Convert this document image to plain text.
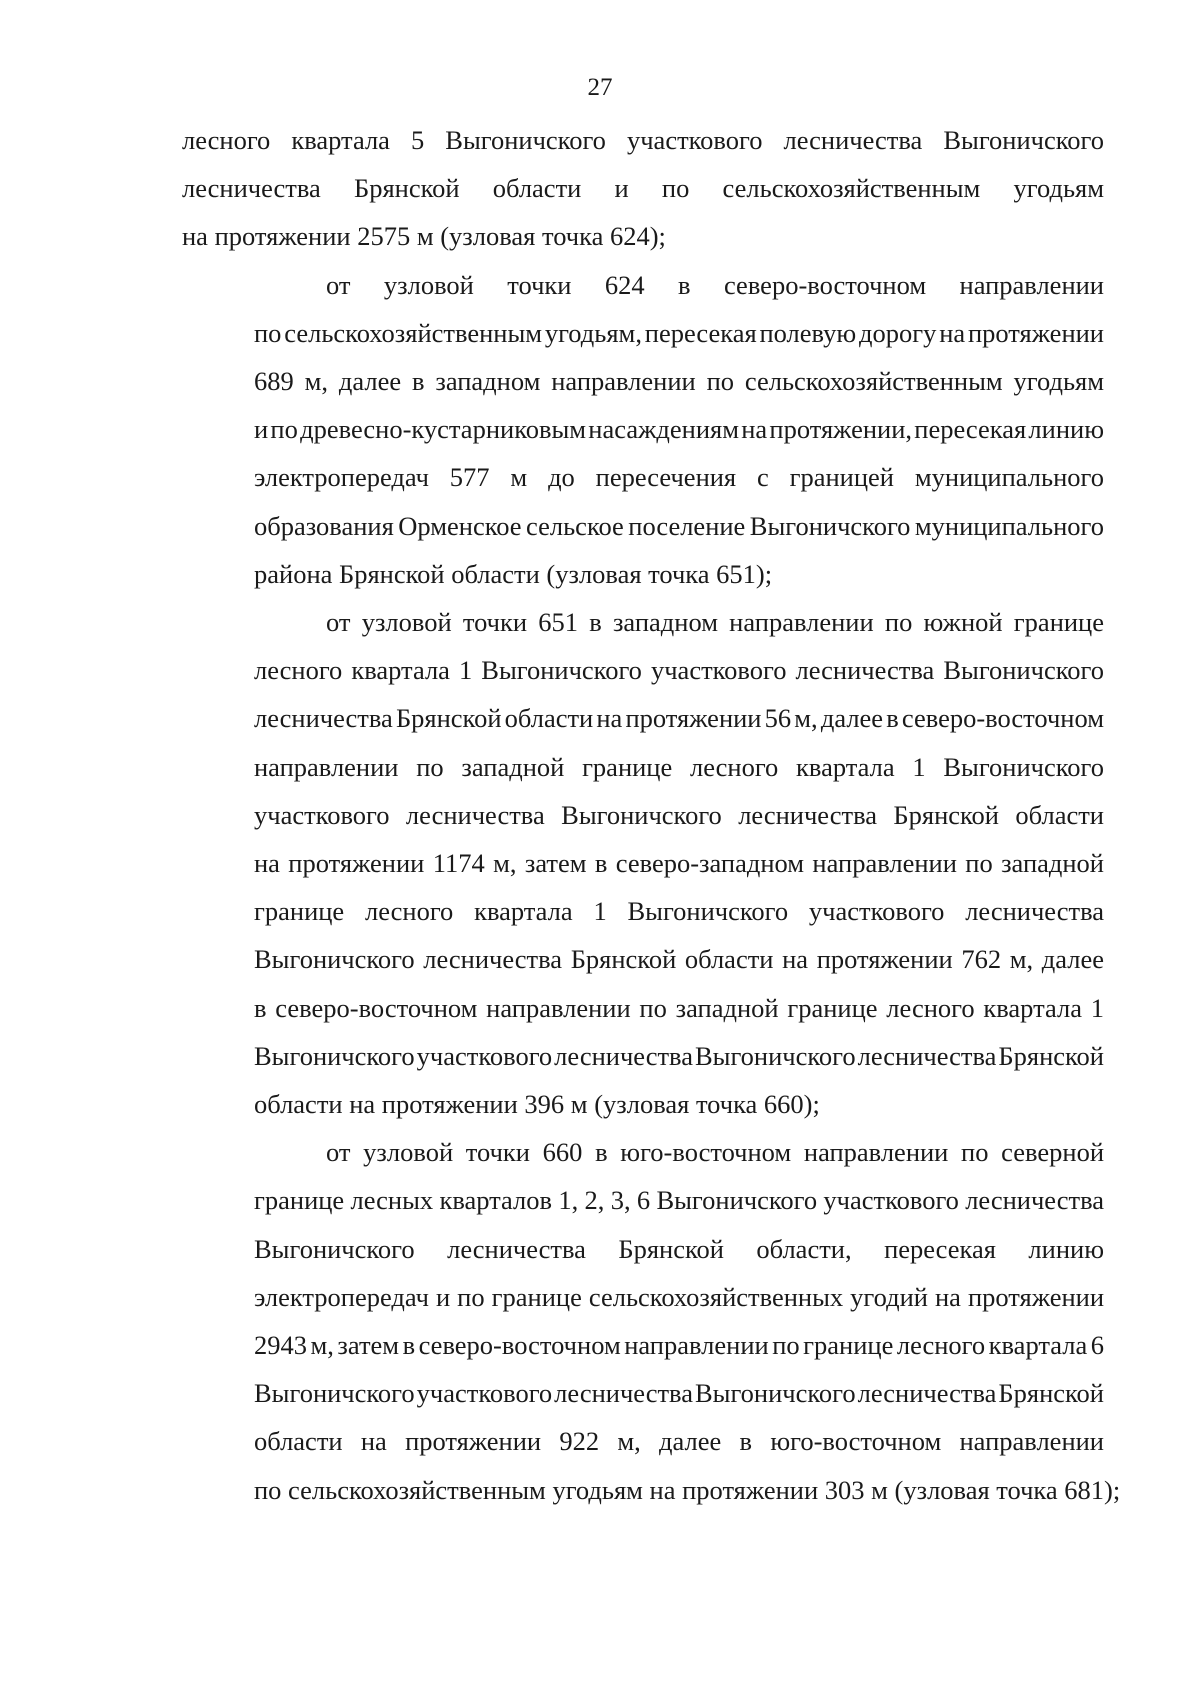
27
лесного квартала 5 Выгоничского участкового лесничества Выгоничского
лесничества Брянской области и по сельскохозяйственным угодьям
на протяжении 2575 м (узловая точка 624);
от узловой точки 624 в северо-восточном направлении
по сельскохозяйственным угодьям, пересекая полевую дорогу на протяжении
689 м, далее в западном направлении по сельскохозяйственным угодьям
и по древесно-кустарниковым насаждениям на протяжении, пересекая линию
электропередач 577 м до пересечения с границей муниципального
образования Орменское сельское поселение Выгоничского муниципального
района Брянской области (узловая точка 651);
от узловой точки 651 в западном направлении по южной границе
лесного квартала 1 Выгоничского участкового лесничества Выгоничского
лесничества Брянской области на протяжении 56 м, далее в северо-восточном
направлении по западной границе лесного квартала 1 Выгоничского
участкового лесничества Выгоничского лесничества Брянской области
на протяжении 1174 м, затем в северо-западном направлении по западной
границе лесного квартала 1 Выгоничского участкового лесничества
Выгоничского лесничества Брянской области на протяжении 762 м, далее
в северо-восточном направлении по западной границе лесного квартала 1
Выгоничского участкового лесничества Выгоничского лесничества Брянской
области на протяжении 396 м (узловая точка 660);
от узловой точки 660 в юго-восточном направлении по северной
границе лесных кварталов 1, 2, 3, 6 Выгоничского участкового лесничества
Выгоничского лесничества Брянской области, пересекая линию
электропередач и по границе сельскохозяйственных угодий на протяжении
2943 м, затем в северо-восточном направлении по границе лесного квартала 6
Выгоничского участкового лесничества Выгоничского лесничества Брянской
области на протяжении 922 м, далее в юго-восточном направлении
по сельскохозяйственным угодьям на протяжении 303 м (узловая точка 681);
